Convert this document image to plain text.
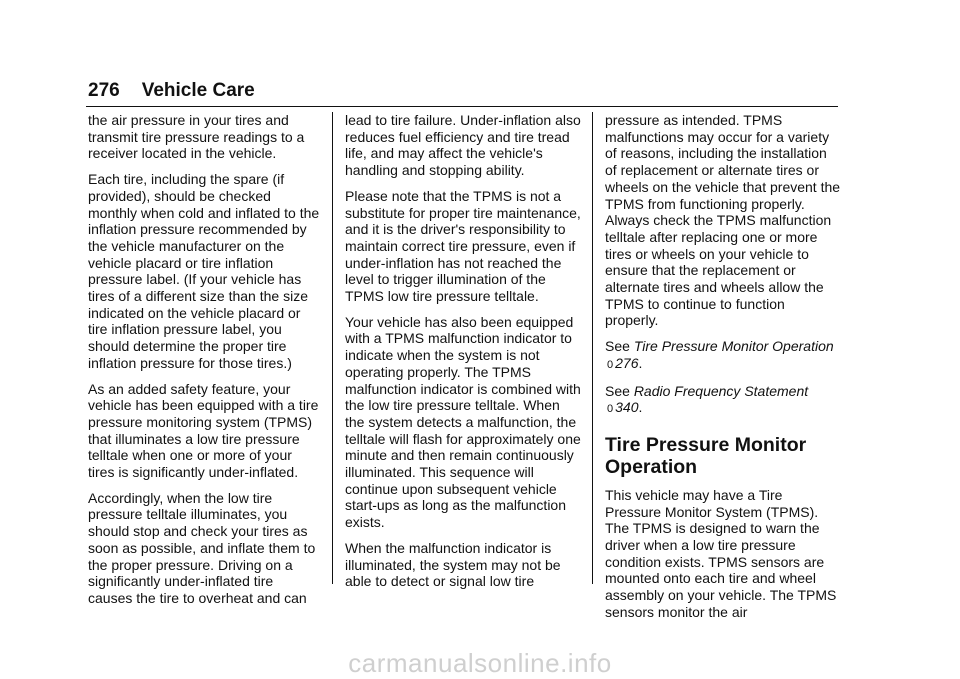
276 Vehicle Care

the air pressure in your tires and transmit tire pressure readings to a receiver located in the vehicle.

Each tire, including the spare (if provided), should be checked monthly when cold and inflated to the inflation pressure recommended by the vehicle manufacturer on the vehicle placard or tire inflation pressure label. (If your vehicle has tires of a different size than the size indicated on the vehicle placard or tire inflation pressure label, you should determine the proper tire inflation pressure for those tires.)

As an added safety feature, your vehicle has been equipped with a tire pressure monitoring system (TPMS) that illuminates a low tire pressure telltale when one or more of your tires is significantly under-inflated.

Accordingly, when the low tire pressure telltale illuminates, you should stop and check your tires as soon as possible, and inflate them to the proper pressure. Driving on a significantly under-inflated tire causes the tire to overheat and can

lead to tire failure. Under-inflation also reduces fuel efficiency and tire tread life, and may affect the vehicle's handling and stopping ability.

Please note that the TPMS is not a substitute for proper tire maintenance, and it is the driver's responsibility to maintain correct tire pressure, even if under-inflation has not reached the level to trigger illumination of the TPMS low tire pressure telltale.

Your vehicle has also been equipped with a TPMS malfunction indicator to indicate when the system is not operating properly. The TPMS malfunction indicator is combined with the low tire pressure telltale. When the system detects a malfunction, the telltale will flash for approximately one minute and then remain continuously illuminated. This sequence will continue upon subsequent vehicle start-ups as long as the malfunction exists.

When the malfunction indicator is illuminated, the system may not be able to detect or signal low tire

pressure as intended. TPMS malfunctions may occur for a variety of reasons, including the installation of replacement or alternate tires or wheels on the vehicle that prevent the TPMS from functioning properly. Always check the TPMS malfunction telltale after replacing one or more tires or wheels on your vehicle to ensure that the replacement or alternate tires and wheels allow the TPMS to continue to function properly.

See Tire Pressure Monitor Operation 0 276.

See Radio Frequency Statement
0 340.

Tire Pressure Monitor Operation

This vehicle may have a Tire Pressure Monitor System (TPMS). The TPMS is designed to warn the driver when a low tire pressure condition exists. TPMS sensors are mounted onto each tire and wheel assembly on your vehicle. The TPMS sensors monitor the air

carmanualsonline.info
